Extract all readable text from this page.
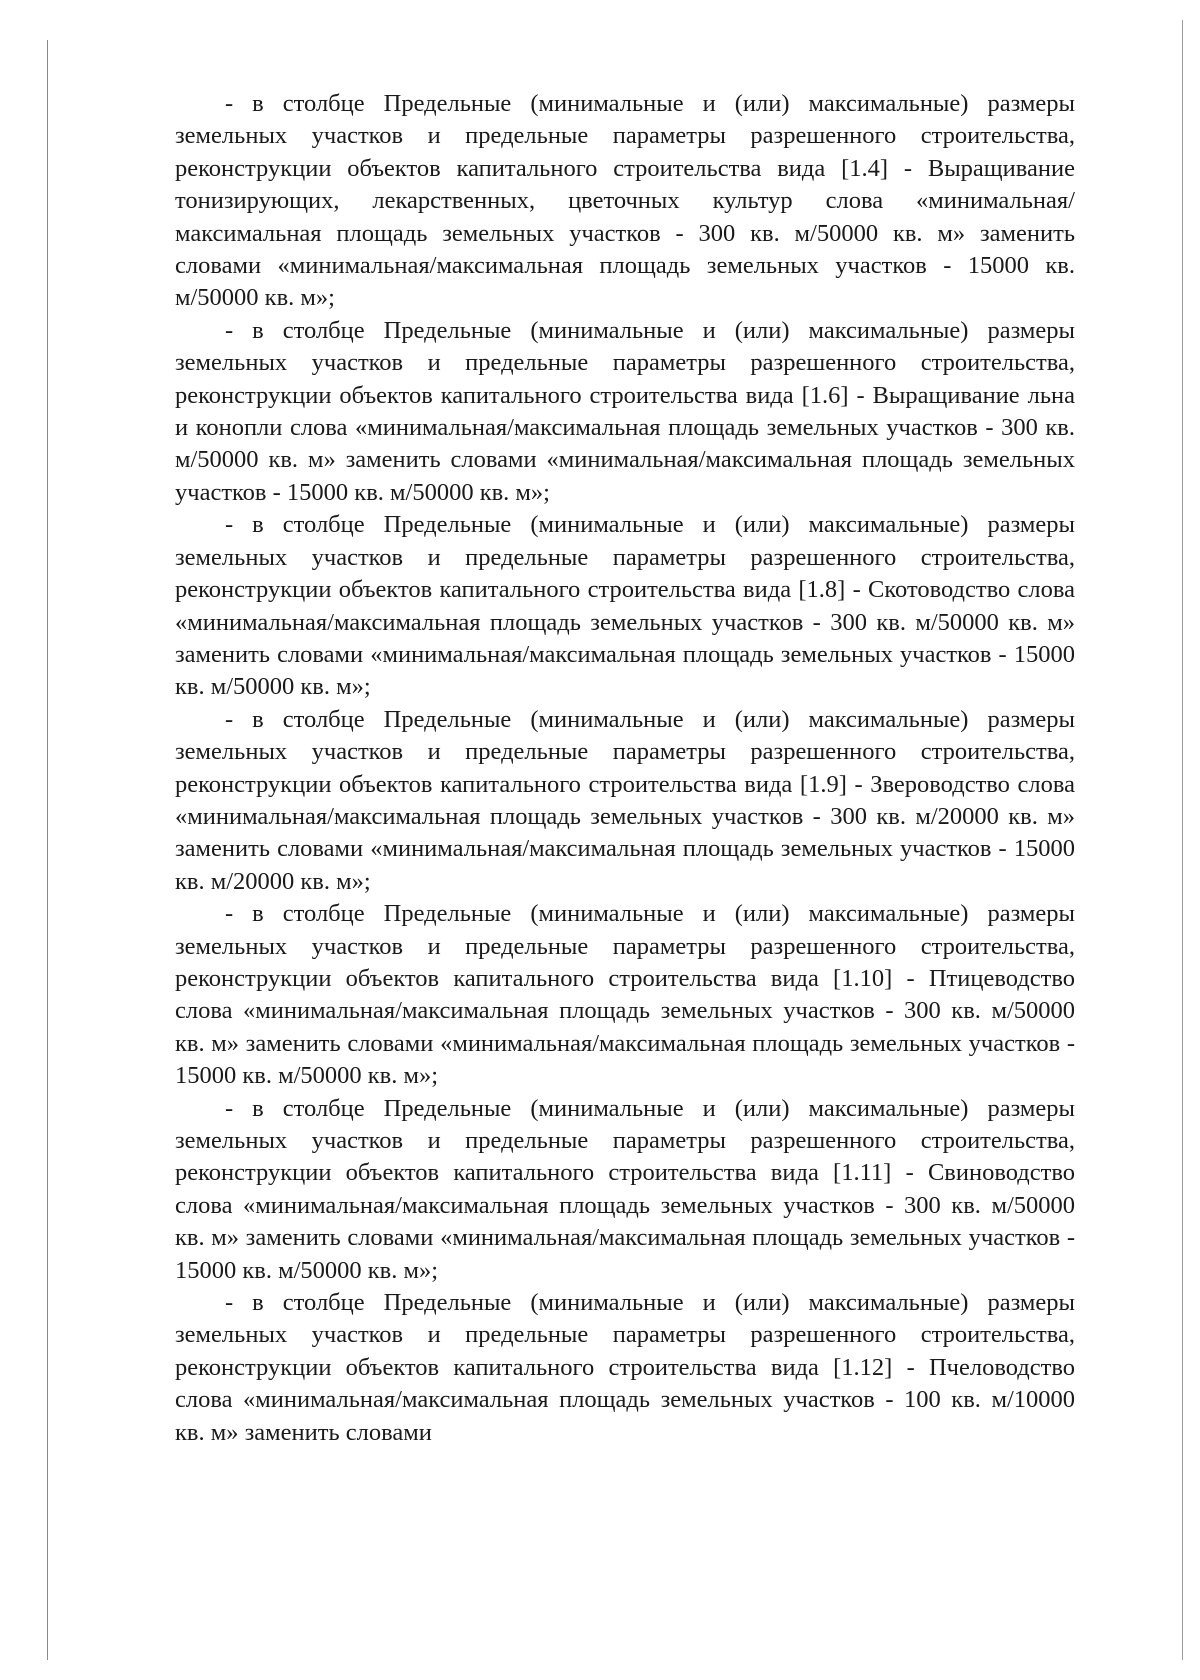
- в столбце Предельные (минимальные и (или) максимальные) размеры земельных участков и предельные параметры разрешенного строительства, реконструкции объектов капитального строительства вида [1.4] - Выращивание тонизирующих, лекарственных, цветочных культур слова «минимальная/максимальная площадь земельных участков - 300 кв. м/50000 кв. м» заменить словами «минимальная/максимальная площадь земельных участков - 15000 кв. м/50000 кв. м»;

- в столбце Предельные (минимальные и (или) максимальные) размеры земельных участков и предельные параметры разрешенного строительства, реконструкции объектов капитального строительства вида [1.6] - Выращивание льна и конопли слова «минимальная/максимальная площадь земельных участков - 300 кв. м/50000 кв. м» заменить словами «минимальная/максимальная площадь земельных участков - 15000 кв. м/50000 кв. м»;

- в столбце Предельные (минимальные и (или) максимальные) размеры земельных участков и предельные параметры разрешенного строительства, реконструкции объектов капитального строительства вида [1.8] - Скотоводство слова «минимальная/максимальная площадь земельных участков - 300 кв. м/50000 кв. м» заменить словами «минимальная/максимальная площадь земельных участков - 15000 кв. м/50000 кв. м»;

- в столбце Предельные (минимальные и (или) максимальные) размеры земельных участков и предельные параметры разрешенного строительства, реконструкции объектов капитального строительства вида [1.9] - Звероводство слова «минимальная/максимальная площадь земельных участков - 300 кв. м/20000 кв. м» заменить словами «минимальная/максимальная площадь земельных участков - 15000 кв. м/20000 кв. м»;

- в столбце Предельные (минимальные и (или) максимальные) размеры земельных участков и предельные параметры разрешенного строительства, реконструкции объектов капитального строительства вида [1.10] - Птицеводство слова «минимальная/максимальная площадь земельных участков - 300 кв. м/50000 кв. м» заменить словами «минимальная/максимальная площадь земельных участков - 15000 кв. м/50000 кв. м»;

- в столбце Предельные (минимальные и (или) максимальные) размеры земельных участков и предельные параметры разрешенного строительства, реконструкции объектов капитального строительства вида [1.11] - Свиноводство слова «минимальная/максимальная площадь земельных участков - 300 кв. м/50000 кв. м» заменить словами «минимальная/максимальная площадь земельных участков - 15000 кв. м/50000 кв. м»;

- в столбце Предельные (минимальные и (или) максимальные) размеры земельных участков и предельные параметры разрешенного строительства, реконструкции объектов капитального строительства вида [1.12] - Пчеловодство слова «минимальная/максимальная площадь земельных участков - 100 кв. м/10000 кв. м» заменить словами
